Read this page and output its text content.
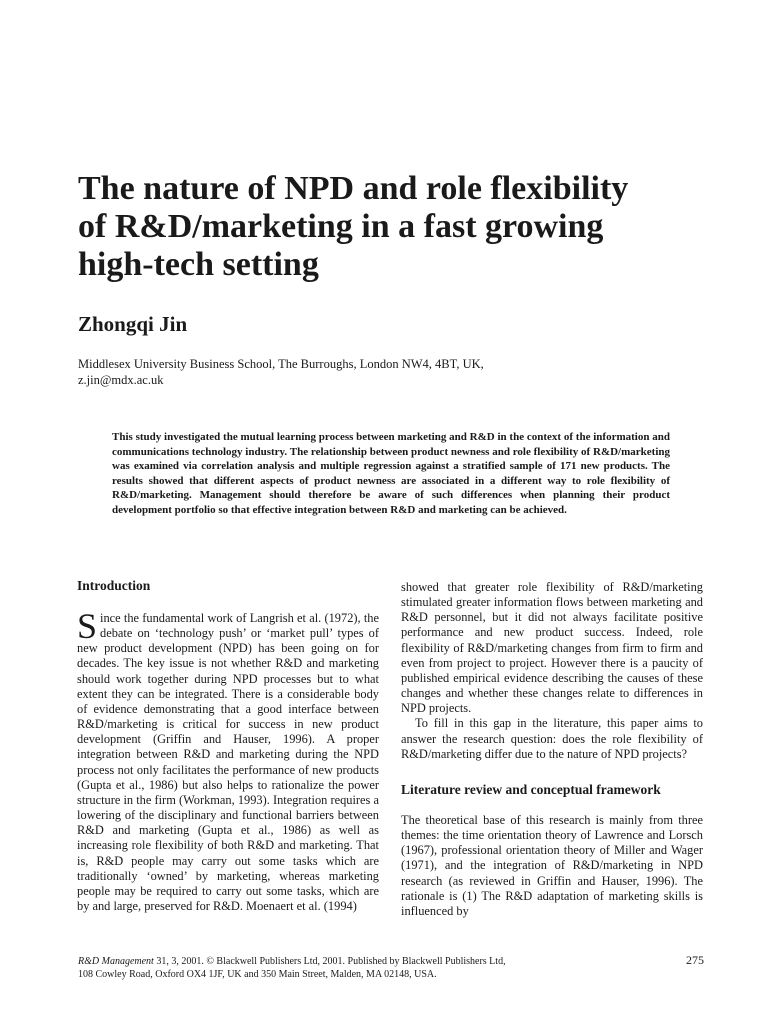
The nature of NPD and role flexibility
of R&D/marketing in a fast growing
high-tech setting
Zhongqi Jin
Middlesex University Business School, The Burroughs, London NW4, 4BT, UK,
z.jin@mdx.ac.uk

This study investigated the mutual learning process between marketing and R&D in the context of the information and communications technology industry. The relationship between product newness and role flexibility of R&D/marketing was examined via correlation analysis and multiple regression against a stratified sample of 171 new products. The results showed that different aspects of product newness are associated in a different way to role flexibility of R&D/marketing. Management should therefore be aware of such differences when planning their product development portfolio so that effective integration between R&D and marketing can be achieved.

Introduction

Since the fundamental work of Langrish et al. (1972), the debate on ‘technology push’ or ‘market pull’ types of new product development (NPD) has been going on for decades. The key issue is not whether R&D and marketing should work together during NPD processes but to what extent they can be integrated. There is a considerable body of evidence demonstrating that a good interface between R&D/marketing is critical for success in new product development (Griffin and Hauser, 1996). A proper integration between R&D and marketing during the NPD process not only facilitates the performance of new products (Gupta et al., 1986) but also helps to rationalize the power structure in the firm (Workman, 1993). Integration requires a lowering of the disciplinary and functional barriers between R&D and marketing (Gupta et al., 1986) as well as increasing role flexibility of both R&D and marketing. That is, R&D people may carry out some tasks which are traditionally ‘owned’ by marketing, whereas marketing people may be required to carry out some tasks, which are by and large, preserved for R&D. Moenaert et al. (1994)

showed that greater role flexibility of R&D/marketing stimulated greater information flows between marketing and R&D personnel, but it did not always facilitate positive performance and new product success. Indeed, role flexibility of R&D/marketing changes from firm to firm and even from project to project. However there is a paucity of published empirical evidence describing the causes of these changes and whether these changes relate to differences in NPD projects.

To fill in this gap in the literature, this paper aims to answer the research question: does the role flexibility of R&D/marketing differ due to the nature of NPD projects?

Literature review and conceptual framework

The theoretical base of this research is mainly from three themes: the time orientation theory of Lawrence and Lorsch (1967), professional orientation theory of Miller and Wager (1971), and the integration of R&D/marketing in NPD research (as reviewed in Griffin and Hauser, 1996). The rationale is (1) The R&D adaptation of marketing skills is influenced by

R&D Management 31, 3, 2001. © Blackwell Publishers Ltd, 2001. Published by Blackwell Publishers Ltd,
108 Cowley Road, Oxford OX4 1JF, UK and 350 Main Street, Malden, MA 02148, USA.
275
